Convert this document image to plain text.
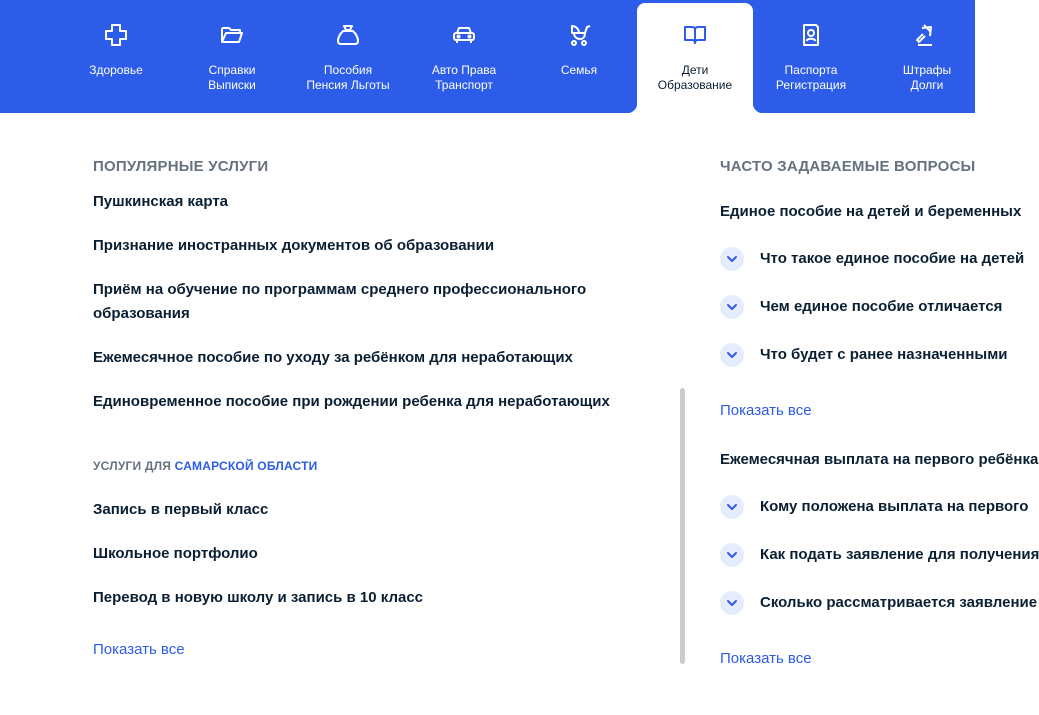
Здоровье	Справки
Выписки
Пособия
Пенсия Льготы
Авто Права
Транспорт
Семья	Дети
Образование
Паспорта
Регистрация
Штрафы
Долги
ПОПУЛЯРНЫЕ УСЛУГИ
Пушкинская карта
Признание иностранных документов об образовании
Приём на обучение по программам среднего профессионального образования
Ежемесячное пособие по уходу за ребёнком для неработающих
Единовременное пособие при рождении ребенка для неработающих
УСЛУГИ ДЛЯ САМАРСКОЙ ОБЛАСТИ
Запись в первый класс
Школьное портфолио
Перевод в новую школу и запись в 10 класс
Показать все
ЧАСТО ЗАДАВАЕМЫЕ ВОПРОСЫ
Единое пособие на детей и беременных
Что такое единое пособие на детей
Чем единое пособие отличается
Что будет с ранее назначенными
Показать все
Ежемесячная выплата на первого ребёнка
Кому положена выплата на первого
Как подать заявление для получения
Сколько рассматривается заявление
Показать все
